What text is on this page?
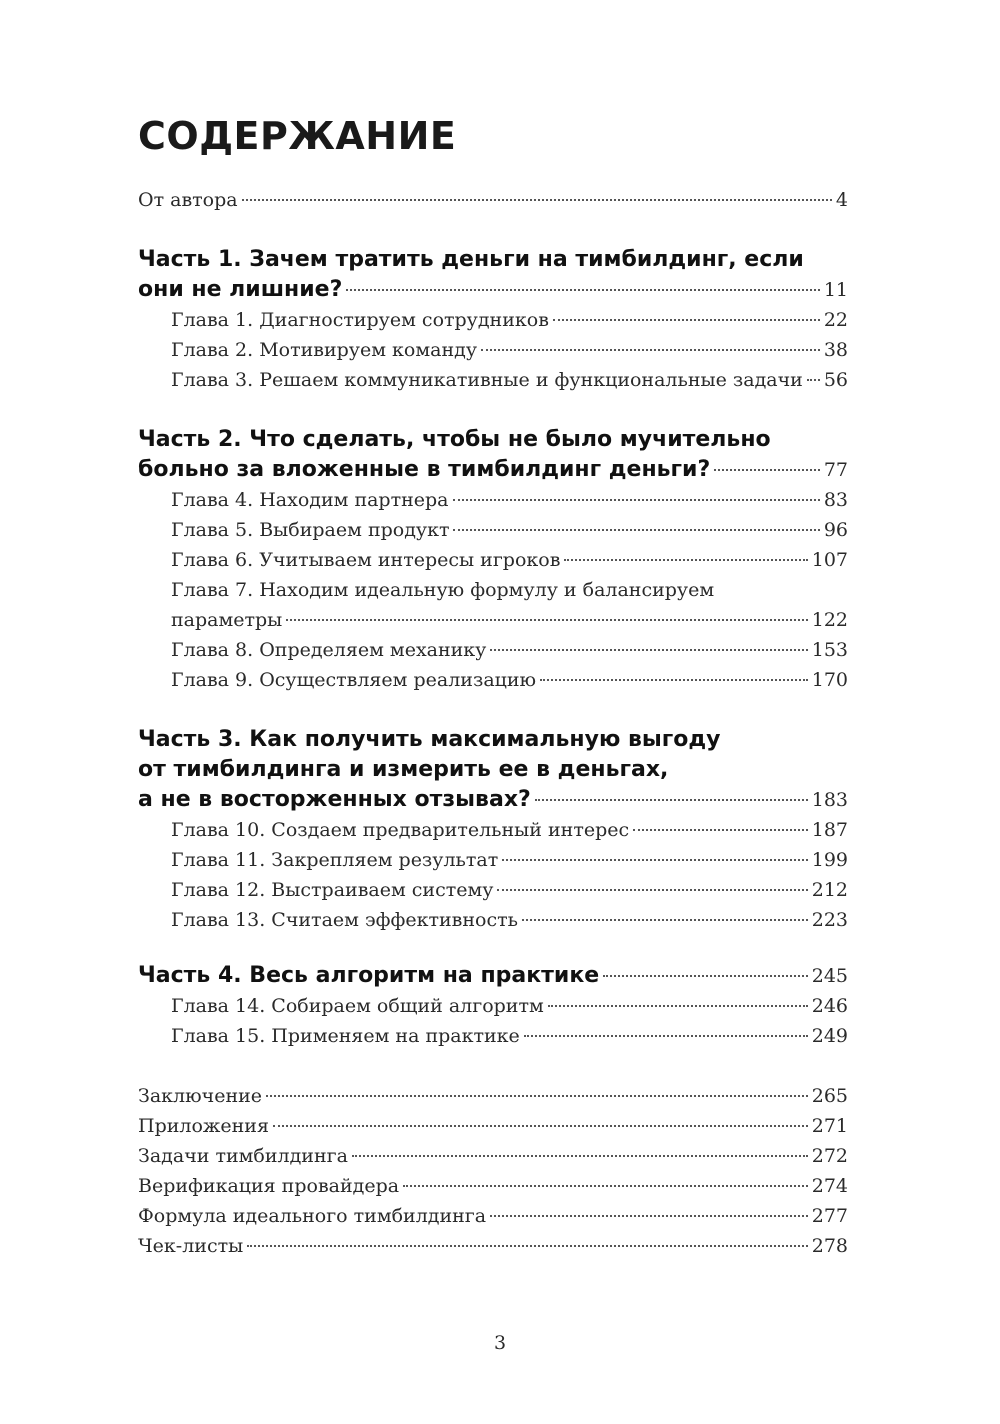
СОДЕРЖАНИЕ
От автора	4
Часть 1. Зачем тратить деньги на тимбилдинг, если
они не лишние?	11
Глава 1. Диагностируем сотрудников	22
Глава 2. Мотивируем команду	38
Глава 3. Решаем коммуникативные и функциональные задачи 56
Часть 2. Что сделать, чтобы не было мучительно
больно за вложенные в тимбилдинг деньги?	77
Глава 4. Находим партнера	83
Глава 5. Выбираем продукт	96
Глава 6. Учитываем интересы игроков	107
Глава 7. Находим идеальную формулу и балансируем
параметры	122
Глава 8. Определяем механику	153
Глава 9. Осуществляем реализацию	170
Часть 3. Как получить максимальную выгоду
от тимбилдинга и измерить ее в деньгах,
а не в восторженных отзывах?	183
Глава 10. Создаем предварительный интерес	187
Глава 11. Закрепляем результат	199
Глава 12. Выстраиваем систему	212
Глава 13. Считаем эффективность	223
Часть 4. Весь алгоритм на практике	245
Глава 14. Собираем общий алгоритм	246
Глава 15. Применяем на практике	249
Заключение	265
Приложения	271
Задачи тимбилдинга	272
Верификация провайдера	274
Формула идеального тимбилдинга	277
Чек-листы	278
3
